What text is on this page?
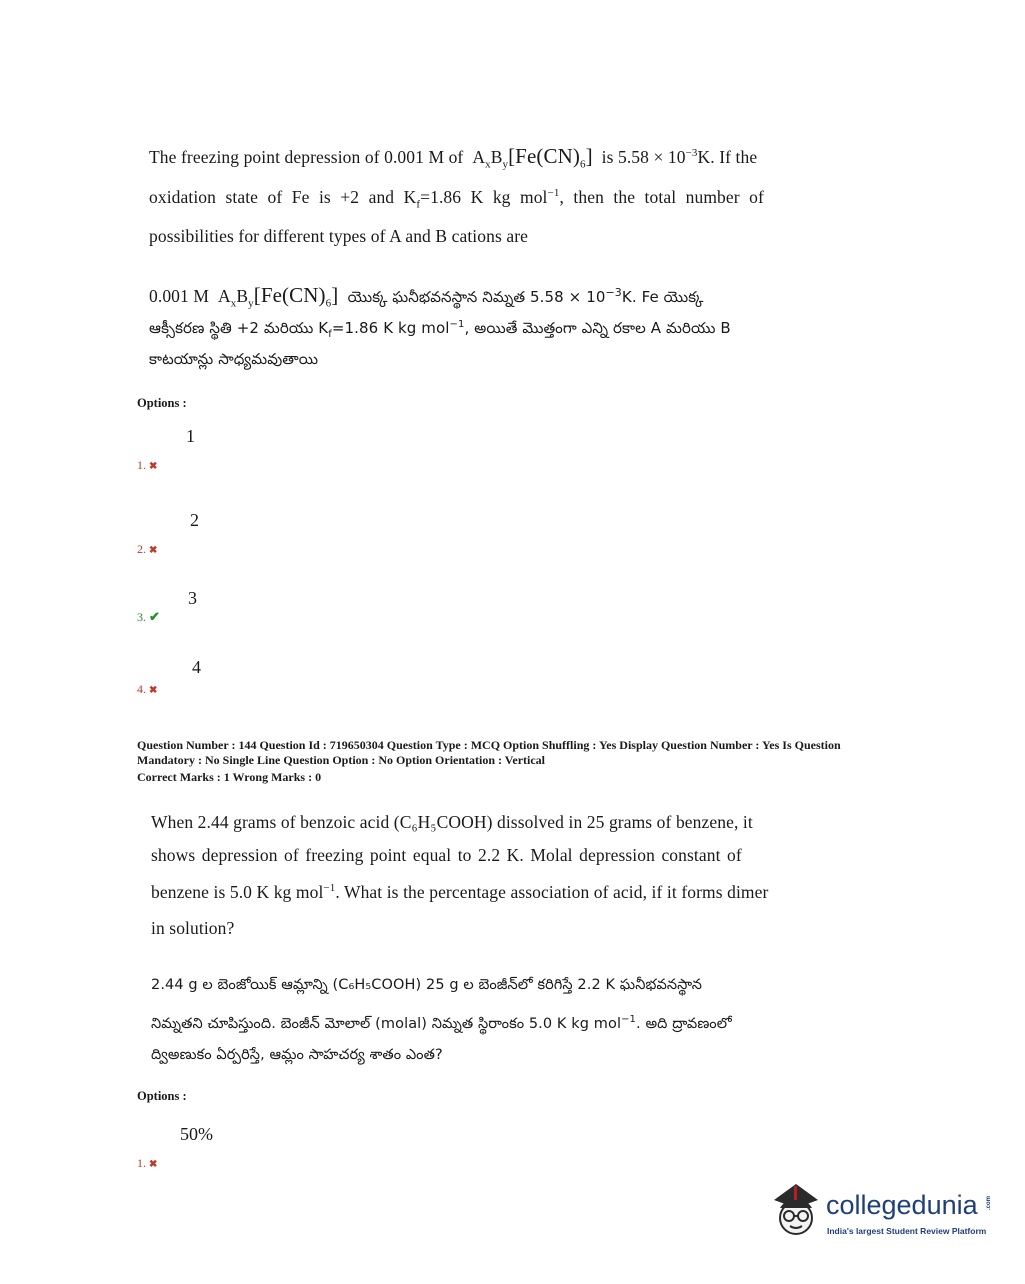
The freezing point depression of 0.001 M of $A_xB_y[Fe(CN)_6]$ is $5.58 \times 10^{-3}K$. If the
oxidation state of Fe is +2 and $K_f=1.86$ K kg mol$^{-1}$, then the total number of
possibilities for different types of A and B cations are
0.001 M $A_xB_y[Fe(CN)_6]$ యొక్క ఘనీభవనస్థాన నిమ్నత $5.58 \times 10^{-3}K$. Fe యొక్క
ఆక్సీకరణ స్థితి +2 మరియు $K_f=1.86$ K kg mol$^{-1}$, అయితే మొత్తంగా ఎన్ని రకాల A మరియు B
కాటయాన్లు సాధ్యమవుతాయి
Options :
1
1. ✖
2
2. ✖
3
3. ✔
4
4. ✖
Question Number : 144 Question Id : 719650304 Question Type : MCQ Option Shuffling : Yes Display Question Number : Yes Is Question
Mandatory : No Single Line Question Option : No Option Orientation : Vertical
Correct Marks : 1 Wrong Marks : 0
When 2.44 grams of benzoic acid (C₆H₅COOH) dissolved in 25 grams of benzene, it
shows depression of freezing point equal to 2.2 K. Molal depression constant of
benzene is 5.0 K kg mol$^{-1}$. What is the percentage association of acid, if it forms dimer
in solution?
2.44 g ల బెంజోయిక్ ఆమ్లాన్ని (C₆H₅COOH) 25 g ల బెంజీన్‌లో కరిగిస్తే 2.2 K ఘనీభవనస్థాన
నిమ్నతని చూపిస్తుంది. బెంజీన్ మోలాల్ (molal) నిమ్నత స్థిరాంకం 5.0 K kg mol$^{-1}$. అది ద్రావణంలో
ద్విఅణుకం ఏర్పరిస్తే, ఆమ్లం సాహచర్య శాతం ఎంత?
Options :
50%
1. ✖
collegedunia .com
India's largest Student Review Platform
